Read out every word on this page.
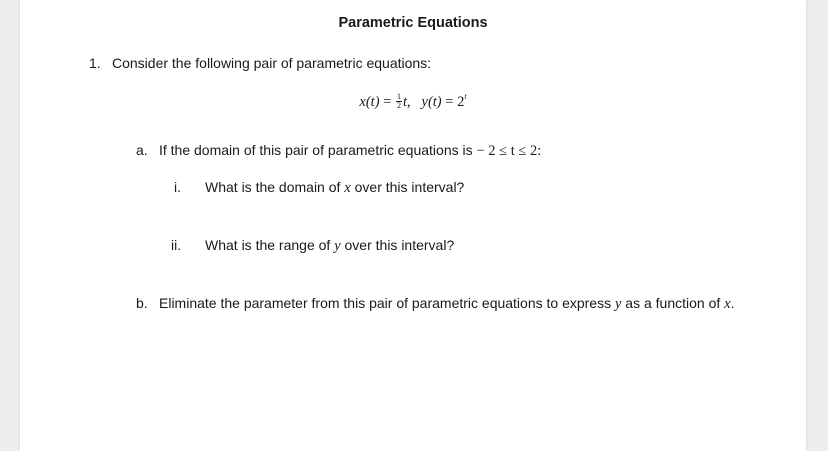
Parametric Equations
1. Consider the following pair of parametric equations:
$x(t) = \frac{1}{2} t$, $y(t) = 2^t$
a. If the domain of this pair of parametric equations is − 2 ≤ t ≤ 2:
i. What is the domain of x over this interval?
ii. What is the range of y over this interval?
b. Eliminate the parameter from this pair of parametric equations to express y as a function of x.
